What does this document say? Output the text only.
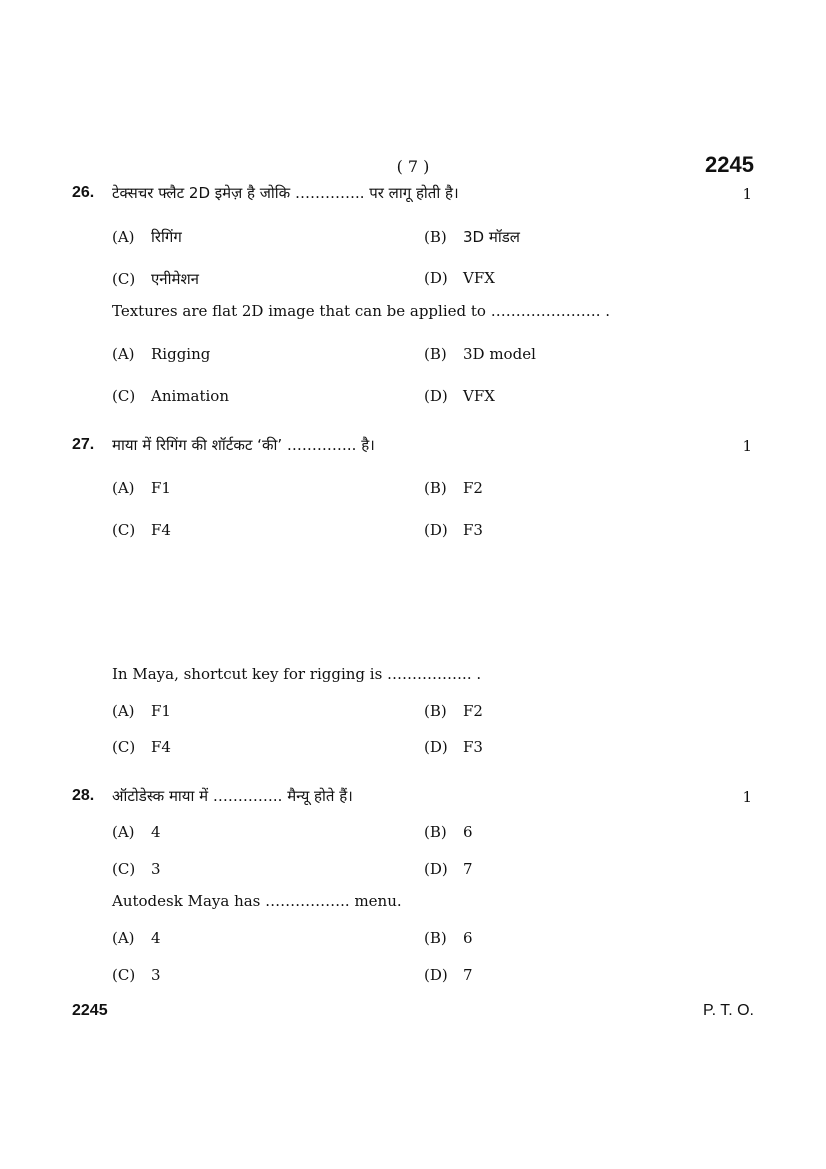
( 7 )	2245
26. टेक्सचर फ्लैट 2D इमेज़ है जोकि ………….. पर लागू होती है।	1
(A) रिगिंग	(B) 3D मॉडल
(C) एनीमेशन	(D) VFX
Textures are flat 2D image that can be applied to …………………. .
(A) Rigging	(B) 3D model
(C) Animation	(D) VFX
27. माया में रिगिंग की शॉर्टकट ‘की’ ………….. है।	1
(A) F1	(B) F2
(C) F4	(D) F3
In Maya, shortcut key for rigging is …………….. .
(A) F1	(B) F2
(C) F4	(D) F3
28. ऑटोडेस्क माया में ………….. मैन्यू होते हैं।	1
(A) 4	(B) 6
(C) 3	(D) 7
Autodesk Maya has …………….. menu.
(A) 4	(B) 6
(C) 3	(D) 7
2245	P. T. O.
